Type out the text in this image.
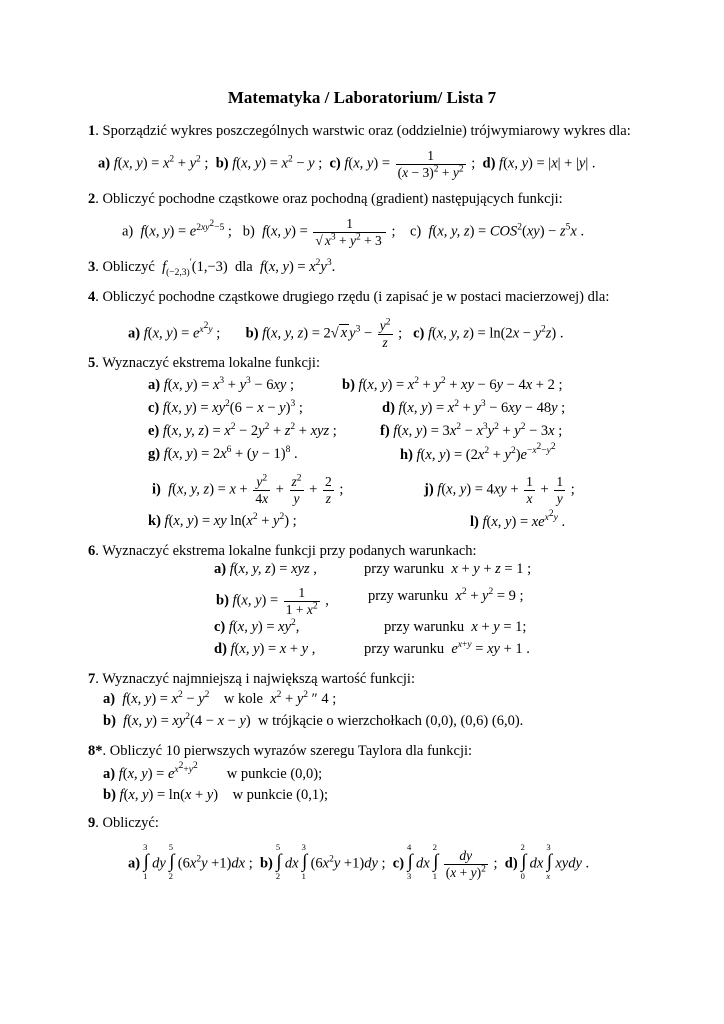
Matematyka / Laboratorium/ Lista 7
1. Sporządzić wykres poszczególnych warstwic oraz (oddzielnie) trójwymiarowy wykres dla:
a) f(x, $y) = x^2 + y^2$ ;  b) f(x, $y) = x^2 - y$ ;  c) f(x, $y) = \frac{1}{(x - 3)^2 + y^2}$ ;  d) f(x, y) = |x| + |y| .
2. Obliczyć pochodne cząstkowe oraz pochodną (gradient) następujących funkcji:
a)  f(x, $y) = e^{2xy^2-5}$ ;   b)  f(x, $y) = \frac{1}{√ x^3 + y^2 + 3}$ ;    c)  f(x, y, $z) = COS^2(xy) - z^5x$ .
3. Obliczyć $f_{(-2,3)}'(1,-3)$  dla f(x, $y) = x^2y^3$.
4. Obliczyć pochodne cząstkowe drugiego rzędu (i zapisać je w postaci macierzowej) dla:
a) f(x, $y) = e^{x^2y}$ ;       b) f(x, y, z) = 2√ x $y^3 - \frac{y^2}{z}$ ;   c) f(x, y, $z) = \ln(2x - y^2z)$ .
5. Wyznaczyć ekstrema lokalne funkcji:
a) f(x, $y) = x^3 + y^3 - 6xy$ ;	b) f(x, $y) = x^2 + y^2$ + xy − 6y − 4x + 2 ;
c) f(x, $y) = xy^2(6 - x - y)^3$ ;	d) f(x, $y) = x^2 + y^3 - 6xy - 48y$ ;
e) f(x, y, $z) = x^2 - 2y^2 + z^2$ + xyz ;	f) f(x, $y) = 3x^2 - x^3y^2 + y^2 - 3x$ ;
g) f(x, $y) = 2x^6 + (y - 1)^8$ .	h) f(x, $y) = (2x^2 + y^2)e^{-x^2-y^2}$
i) f(x, y, $z) = x + \frac{y^2}{4x} + \frac{z^2}{y} + \frac{2}{z}$ ;	j) f(x, $y) = 4xy + \frac{1}{x} + \frac{1}{y}$ ;
k) f(x, y) = xy $\ln(x^2 + y^2)$ ;	l) f(x, $y) = xe^{x^2y}$ .
6. Wyznaczyć ekstrema lokalne funkcji przy podanych warunkach:
a) f(x, y, z) = xyz ,	przy warunku x + y + z = 1 ;
b) f(x, $y) = \frac{1}{1 + x^2}$ ,	przy warunku $x^2 + y^2 = 9$ ;
c) f(x, $y) = xy^2$,	przy warunku x + y = 1;
d) f(x, y) = x + y ,	przy warunku $e^{x+y}$ = xy + 1 .
7. Wyznaczyć najmniejszą i największą wartość funkcji:
a) f(x, $y) = x^2 - y^2$ w kole $x^2 + y^2$ ″ 4 ;
b) f(x, $y) = xy^2(4 - x - y)$  w trójkącie o wierzchołkach (0,0), (0,6) (6,0).
8*. Obliczyć 10 pierwszych wyrazów szeregu Taylora dla funkcji:
a) f(x, $y) = e^{x^2+y^2}$ w punkcie (0,0);
b) f(x, y) = ln(x + y)    w punkcie (0,1);
9. Obliczyć:
a)
3
∫
1
dy
5
∫
2
$(6x^2y +1)dx$ ;  b)
5
∫
2
dx
3
∫
1
$(6x^2y +1)dy$ ;  c)
4
∫
3
dx
2
∫
$1 \frac{dy}{(x + y)^2}$ ;  d)
2
∫
0
dx
3
∫
x
xydy .
